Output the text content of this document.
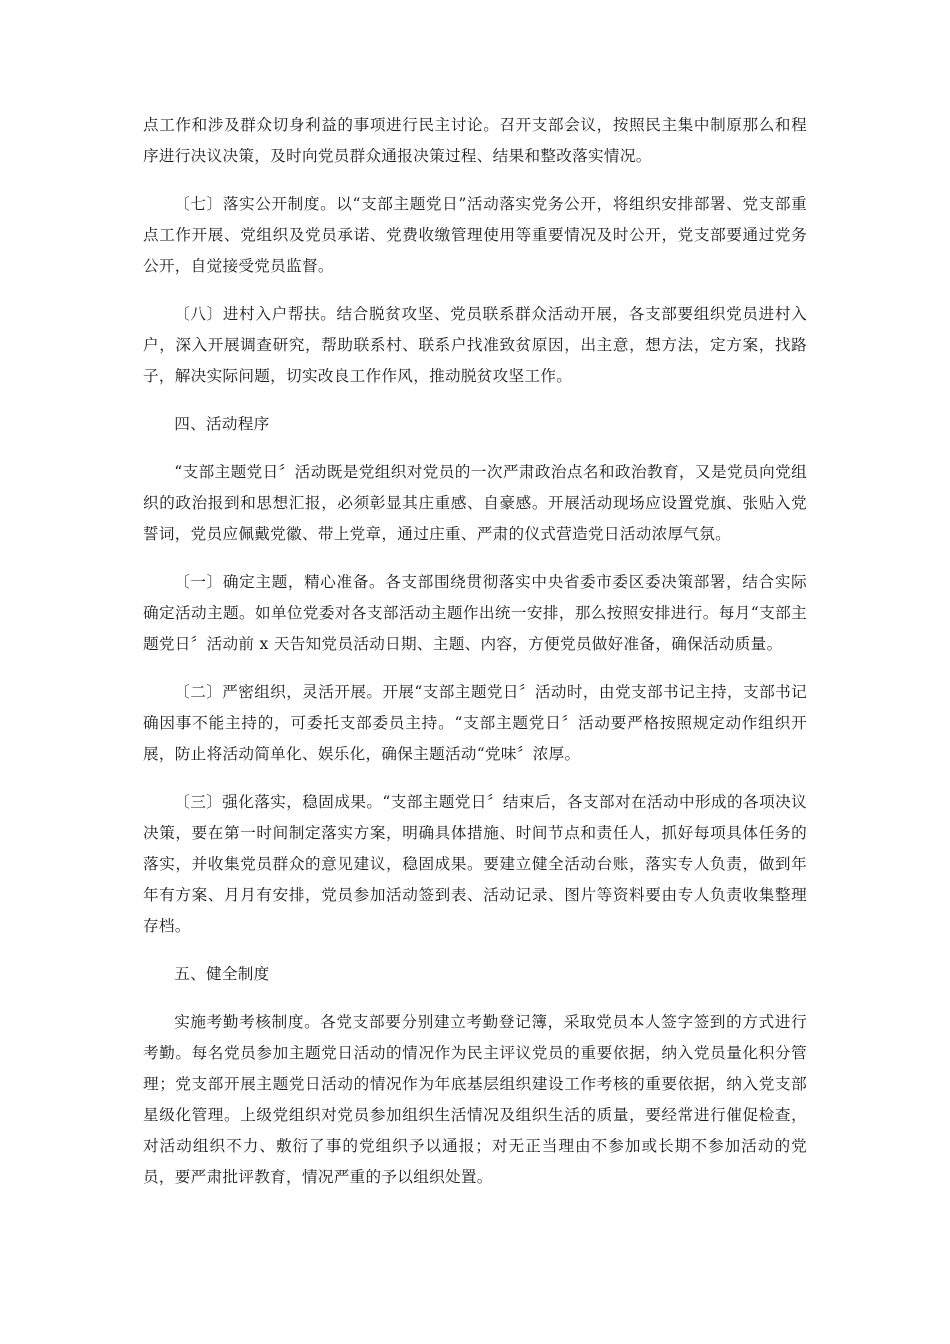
点工作和涉及群众切身利益的事项进行民主讨论。召开支部会议，按照民主集中制原那么和程序进行决议决策，及时向党员群众通报决策过程、结果和整改落实情况。

〔七〕落实公开制度。以“支部主题党日”活动落实党务公开，将组织安排部署、党支部重点工作开展、党组织及党员承诺、党费收缴管理使用等重要情况及时公开，党支部要通过党务公开，自觉接受党员监督。

〔八〕进村入户帮扶。结合脱贫攻坚、党员联系群众活动开展，各支部要组织党员进村入户，深入开展调查研究，帮助联系村、联系户找准致贫原因，出主意，想方法，定方案，找路子，解决实际问题，切实改良工作作风，推动脱贫攻坚工作。

四、活动程序

“支部主题党日〞活动既是党组织对党员的一次严肃政治点名和政治教育，又是党员向党组织的政治报到和思想汇报，必须彰显其庄重感、自豪感。开展活动现场应设置党旗、张贴入党誓词，党员应佩戴党徽、带上党章，通过庄重、严肃的仪式营造党日活动浓厚气氛。

〔一〕确定主题，精心准备。各支部围绕贯彻落实中央省委市委区委决策部署，结合实际确定活动主题。如单位党委对各支部活动主题作出统一安排，那么按照安排进行。每月“支部主题党日〞活动前 x 天告知党员活动日期、主题、内容，方便党员做好准备，确保活动质量。

〔二〕严密组织，灵活开展。开展“支部主题党日〞活动时，由党支部书记主持，支部书记确因事不能主持的，可委托支部委员主持。“支部主题党日〞活动要严格按照规定动作组织开展，防止将活动简单化、娱乐化，确保主题活动“党味〞浓厚。

〔三〕强化落实，稳固成果。“支部主题党日〞结束后，各支部对在活动中形成的各项决议决策，要在第一时间制定落实方案，明确具体措施、时间节点和责任人，抓好每项具体任务的落实，并收集党员群众的意见建议，稳固成果。要建立健全活动台账，落实专人负责，做到年年有方案、月月有安排，党员参加活动签到表、活动记录、图片等资料要由专人负责收集整理存档。

五、健全制度

实施考勤考核制度。各党支部要分别建立考勤登记簿，采取党员本人签字签到的方式进行考勤。每名党员参加主题党日活动的情况作为民主评议党员的重要依据，纳入党员量化积分管理；党支部开展主题党日活动的情况作为年底基层组织建设工作考核的重要依据，纳入党支部星级化管理。上级党组织对党员参加组织生活情况及组织生活的质量，要经常进行催促检查，对活动组织不力、敷衍了事的党组织予以通报；对无正当理由不参加或长期不参加活动的党员，要严肃批评教育，情况严重的予以组织处置。
